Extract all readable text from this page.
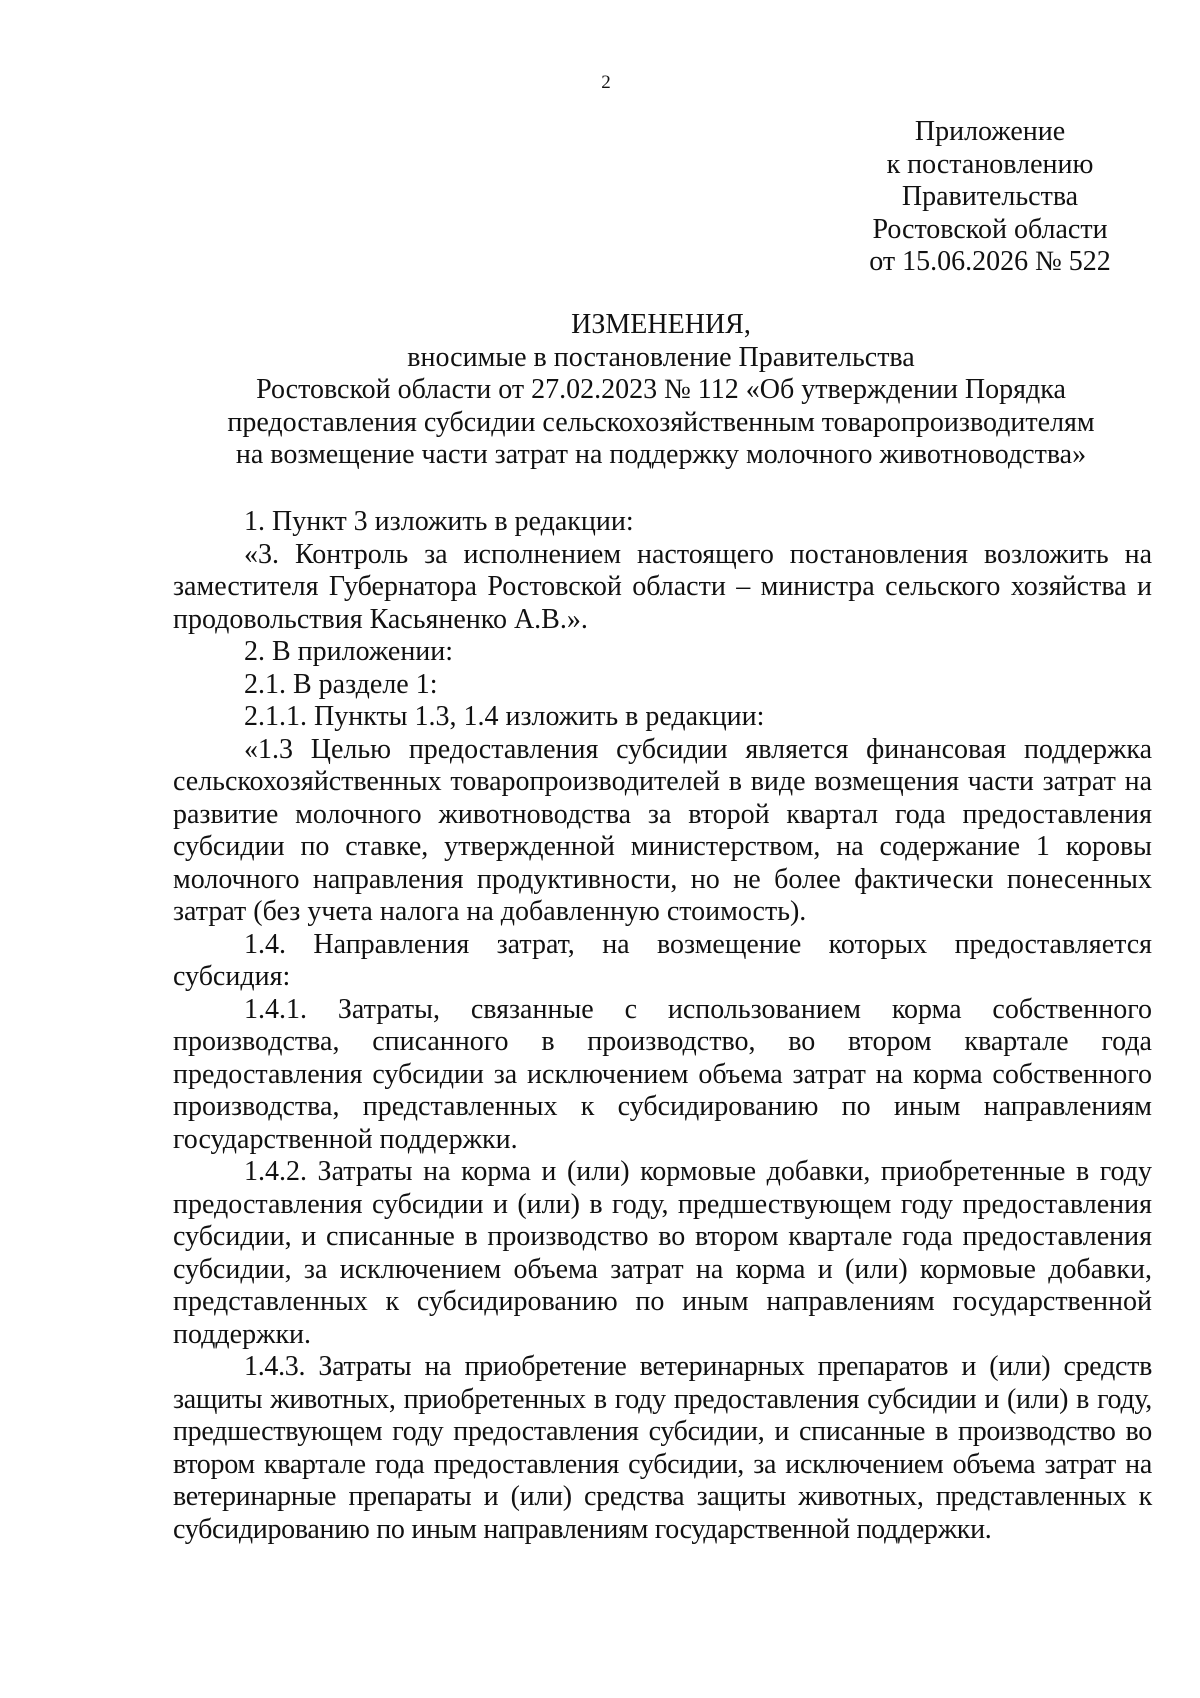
2
Приложение
к постановлению
Правительства
Ростовской области
от 15.06.2026 № 522
ИЗМЕНЕНИЯ,
вносимые в постановление Правительства
Ростовской области от 27.02.2023 № 112 «Об утверждении Порядка
предоставления субсидии сельскохозяйственным товаропроизводителям
на возмещение части затрат на поддержку молочного животноводства»

1. Пункт 3 изложить в редакции:

«3. Контроль за исполнением настоящего постановления возложить на заместителя Губернатора Ростовской области – министра сельского хозяйства и продовольствия Касьяненко А.В.».

2. В приложении:

2.1. В разделе 1:

2.1.1. Пункты 1.3, 1.4 изложить в редакции:

«1.3 Целью предоставления субсидии является финансовая поддержка сельскохозяйственных товаропроизводителей в виде возмещения части затрат на развитие молочного животноводства за второй квартал года предоставления субсидии по ставке, утвержденной министерством, на содержание 1 коровы молочного направления продуктивности, но не более фактически понесенных затрат (без учета налога на добавленную стоимость).

1.4. Направления затрат, на возмещение которых предоставляется субсидия:

1.4.1. Затраты, связанные с использованием корма собственного производства, списанного в производство, во втором квартале года предоставления субсидии за исключением объема затрат на корма собственного производства, представленных к субсидированию по иным направлениям государственной поддержки.

1.4.2. Затраты на корма и (или) кормовые добавки, приобретенные в году предоставления субсидии и (или) в году, предшествующем году предоставления субсидии, и списанные в производство во втором квартале года предоставления субсидии, за исключением объема затрат на корма и (или) кормовые добавки, представленных к субсидированию по иным направлениям государственной поддержки.

1.4.3. Затраты на приобретение ветеринарных препаратов и (или) средств защиты животных, приобретенных в году предоставления субсидии и (или) в году, предшествующем году предоставления субсидии, и списанные в производство во втором квартале года предоставления субсидии, за исключением объема затрат на ветеринарные препараты и (или) средства защиты животных, представленных к субсидированию по иным направлениям государственной поддержки.
